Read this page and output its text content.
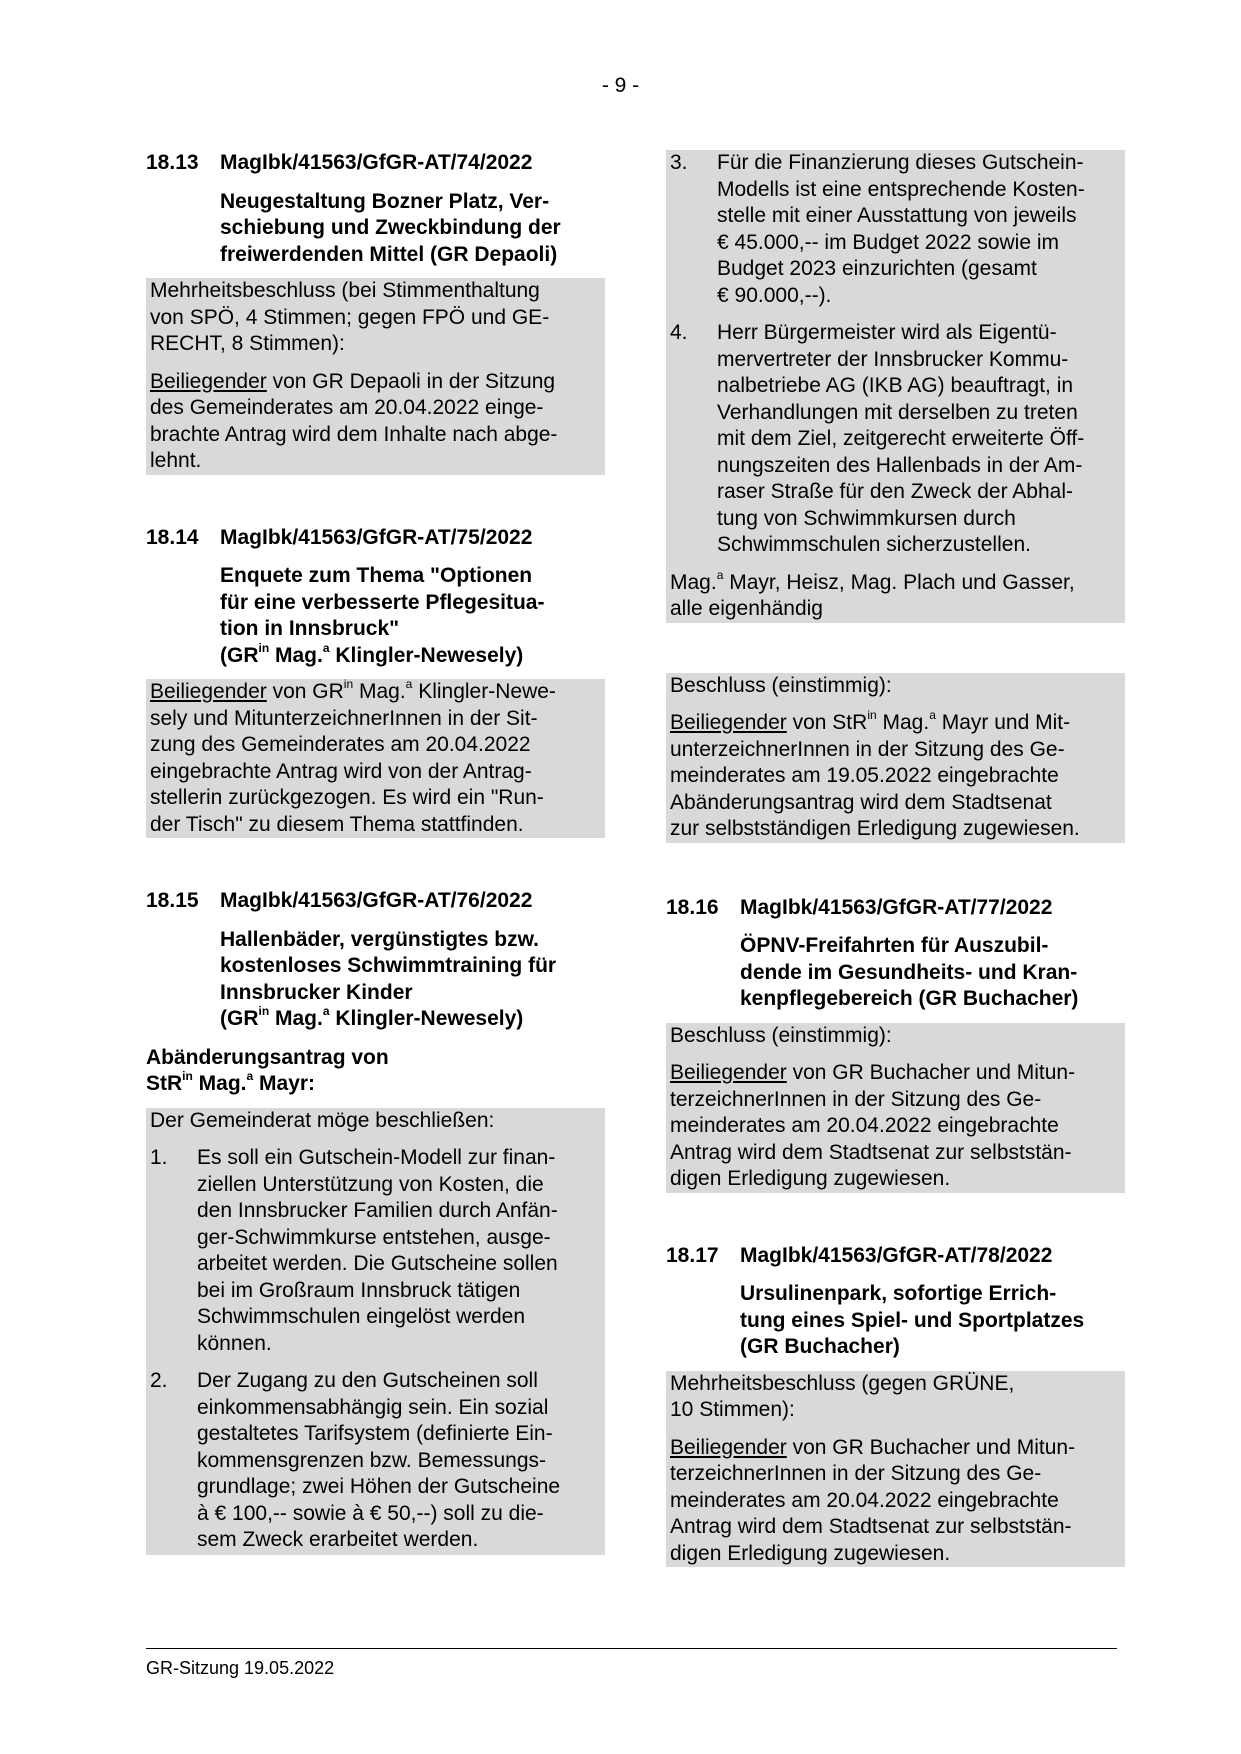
- 9 -
18.13	MagIbk/41563/GfGR-AT/74/2022
Neugestaltung Bozner Platz, Ver-
schiebung und Zweckbindung der
freiwerdenden Mittel (GR Depaoli)

Mehrheitsbeschluss (bei Stimmenthaltung
von SPÖ, 4 Stimmen; gegen FPÖ und GE-
RECHT, 8 Stimmen):

Beiliegender von GR Depaoli in der Sitzung
des Gemeinderates am 20.04.2022 einge-
brachte Antrag wird dem Inhalte nach abge-
lehnt.

18.14	MagIbk/41563/GfGR-AT/75/2022
Enquete zum Thema "Optionen
für eine verbesserte Pflegesitua-
tion in Innsbruck"
($GR^{in}$ Mag.$^a$ Klingler-Newesely)

Beiliegender von $GR^{in}$ Mag.$^a$ Klingler-Newe-
sely und MitunterzeichnerInnen in der Sit-
zung des Gemeinderates am 20.04.2022
eingebrachte Antrag wird von der Antrag-
stellerin zurückgezogen. Es wird ein "Run-
der Tisch" zu diesem Thema stattfinden.

18.15	MagIbk/41563/GfGR-AT/76/2022
Hallenbäder, vergünstigtes bzw.
kostenloses Schwimmtraining für
Innsbrucker Kinder
($GR^{in}$ Mag.$^a$ Klingler-Newesely)
Abänderungsantrag von
StR$^{in}$ Mag.$^a$ Mayr:

Der Gemeinderat möge beschließen:

1.	Es soll ein Gutschein-Modell zur finan-
ziellen Unterstützung von Kosten, die
den Innsbrucker Familien durch Anfän-
ger-Schwimmkurse entstehen, ausge-
arbeitet werden. Die Gutscheine sollen
bei im Großraum Innsbruck tätigen
Schwimmschulen eingelöst werden
können.
2.	Der Zugang zu den Gutscheinen soll
einkommensabhängig sein. Ein sozial
gestaltetes Tarifsystem (definierte Ein-
kommensgrenzen bzw. Bemessungs-
grundlage; zwei Höhen der Gutscheine
à € 100,-- sowie à € 50,--) soll zu die-
sem Zweck erarbeitet werden.
3.	Für die Finanzierung dieses Gutschein-
Modells ist eine entsprechende Kosten-
stelle mit einer Ausstattung von jeweils
€ 45.000,-- im Budget 2022 sowie im
Budget 2023 einzurichten (gesamt
€ 90.000,--).
4.	Herr Bürgermeister wird als Eigentü-
mervertreter der Innsbrucker Kommu-
nalbetriebe AG (IKB AG) beauftragt, in
Verhandlungen mit derselben zu treten
mit dem Ziel, zeitgerecht erweiterte Öff-
nungszeiten des Hallenbads in der Am-
raser Straße für den Zweck der Abhal-
tung von Schwimmkursen durch
Schwimmschulen sicherzustellen.

Mag.$^a$ Mayr, Heisz, Mag. Plach und Gasser,
alle eigenhändig

Beschluss (einstimmig):

Beiliegender von StR$^{in}$ Mag.$^a$ Mayr und Mit-
unterzeichnerInnen in der Sitzung des Ge-
meinderates am 19.05.2022 eingebrachte
Abänderungsantrag wird dem Stadtsenat
zur selbstständigen Erledigung zugewiesen.

18.16	MagIbk/41563/GfGR-AT/77/2022
ÖPNV-Freifahrten für Auszubil-
dende im Gesundheits- und Kran-
kenpflegebereich (GR Buchacher)

Beschluss (einstimmig):

Beiliegender von GR Buchacher und Mitun-
terzeichnerInnen in der Sitzung des Ge-
meinderates am 20.04.2022 eingebrachte
Antrag wird dem Stadtsenat zur selbststän-
digen Erledigung zugewiesen.

18.17	MagIbk/41563/GfGR-AT/78/2022
Ursulinenpark, sofortige Errich-
tung eines Spiel- und Sportplatzes
(GR Buchacher)

Mehrheitsbeschluss (gegen GRÜNE,
10 Stimmen):

Beiliegender von GR Buchacher und Mitun-
terzeichnerInnen in der Sitzung des Ge-
meinderates am 20.04.2022 eingebrachte
Antrag wird dem Stadtsenat zur selbststän-
digen Erledigung zugewiesen.

GR-Sitzung 19.05.2022
